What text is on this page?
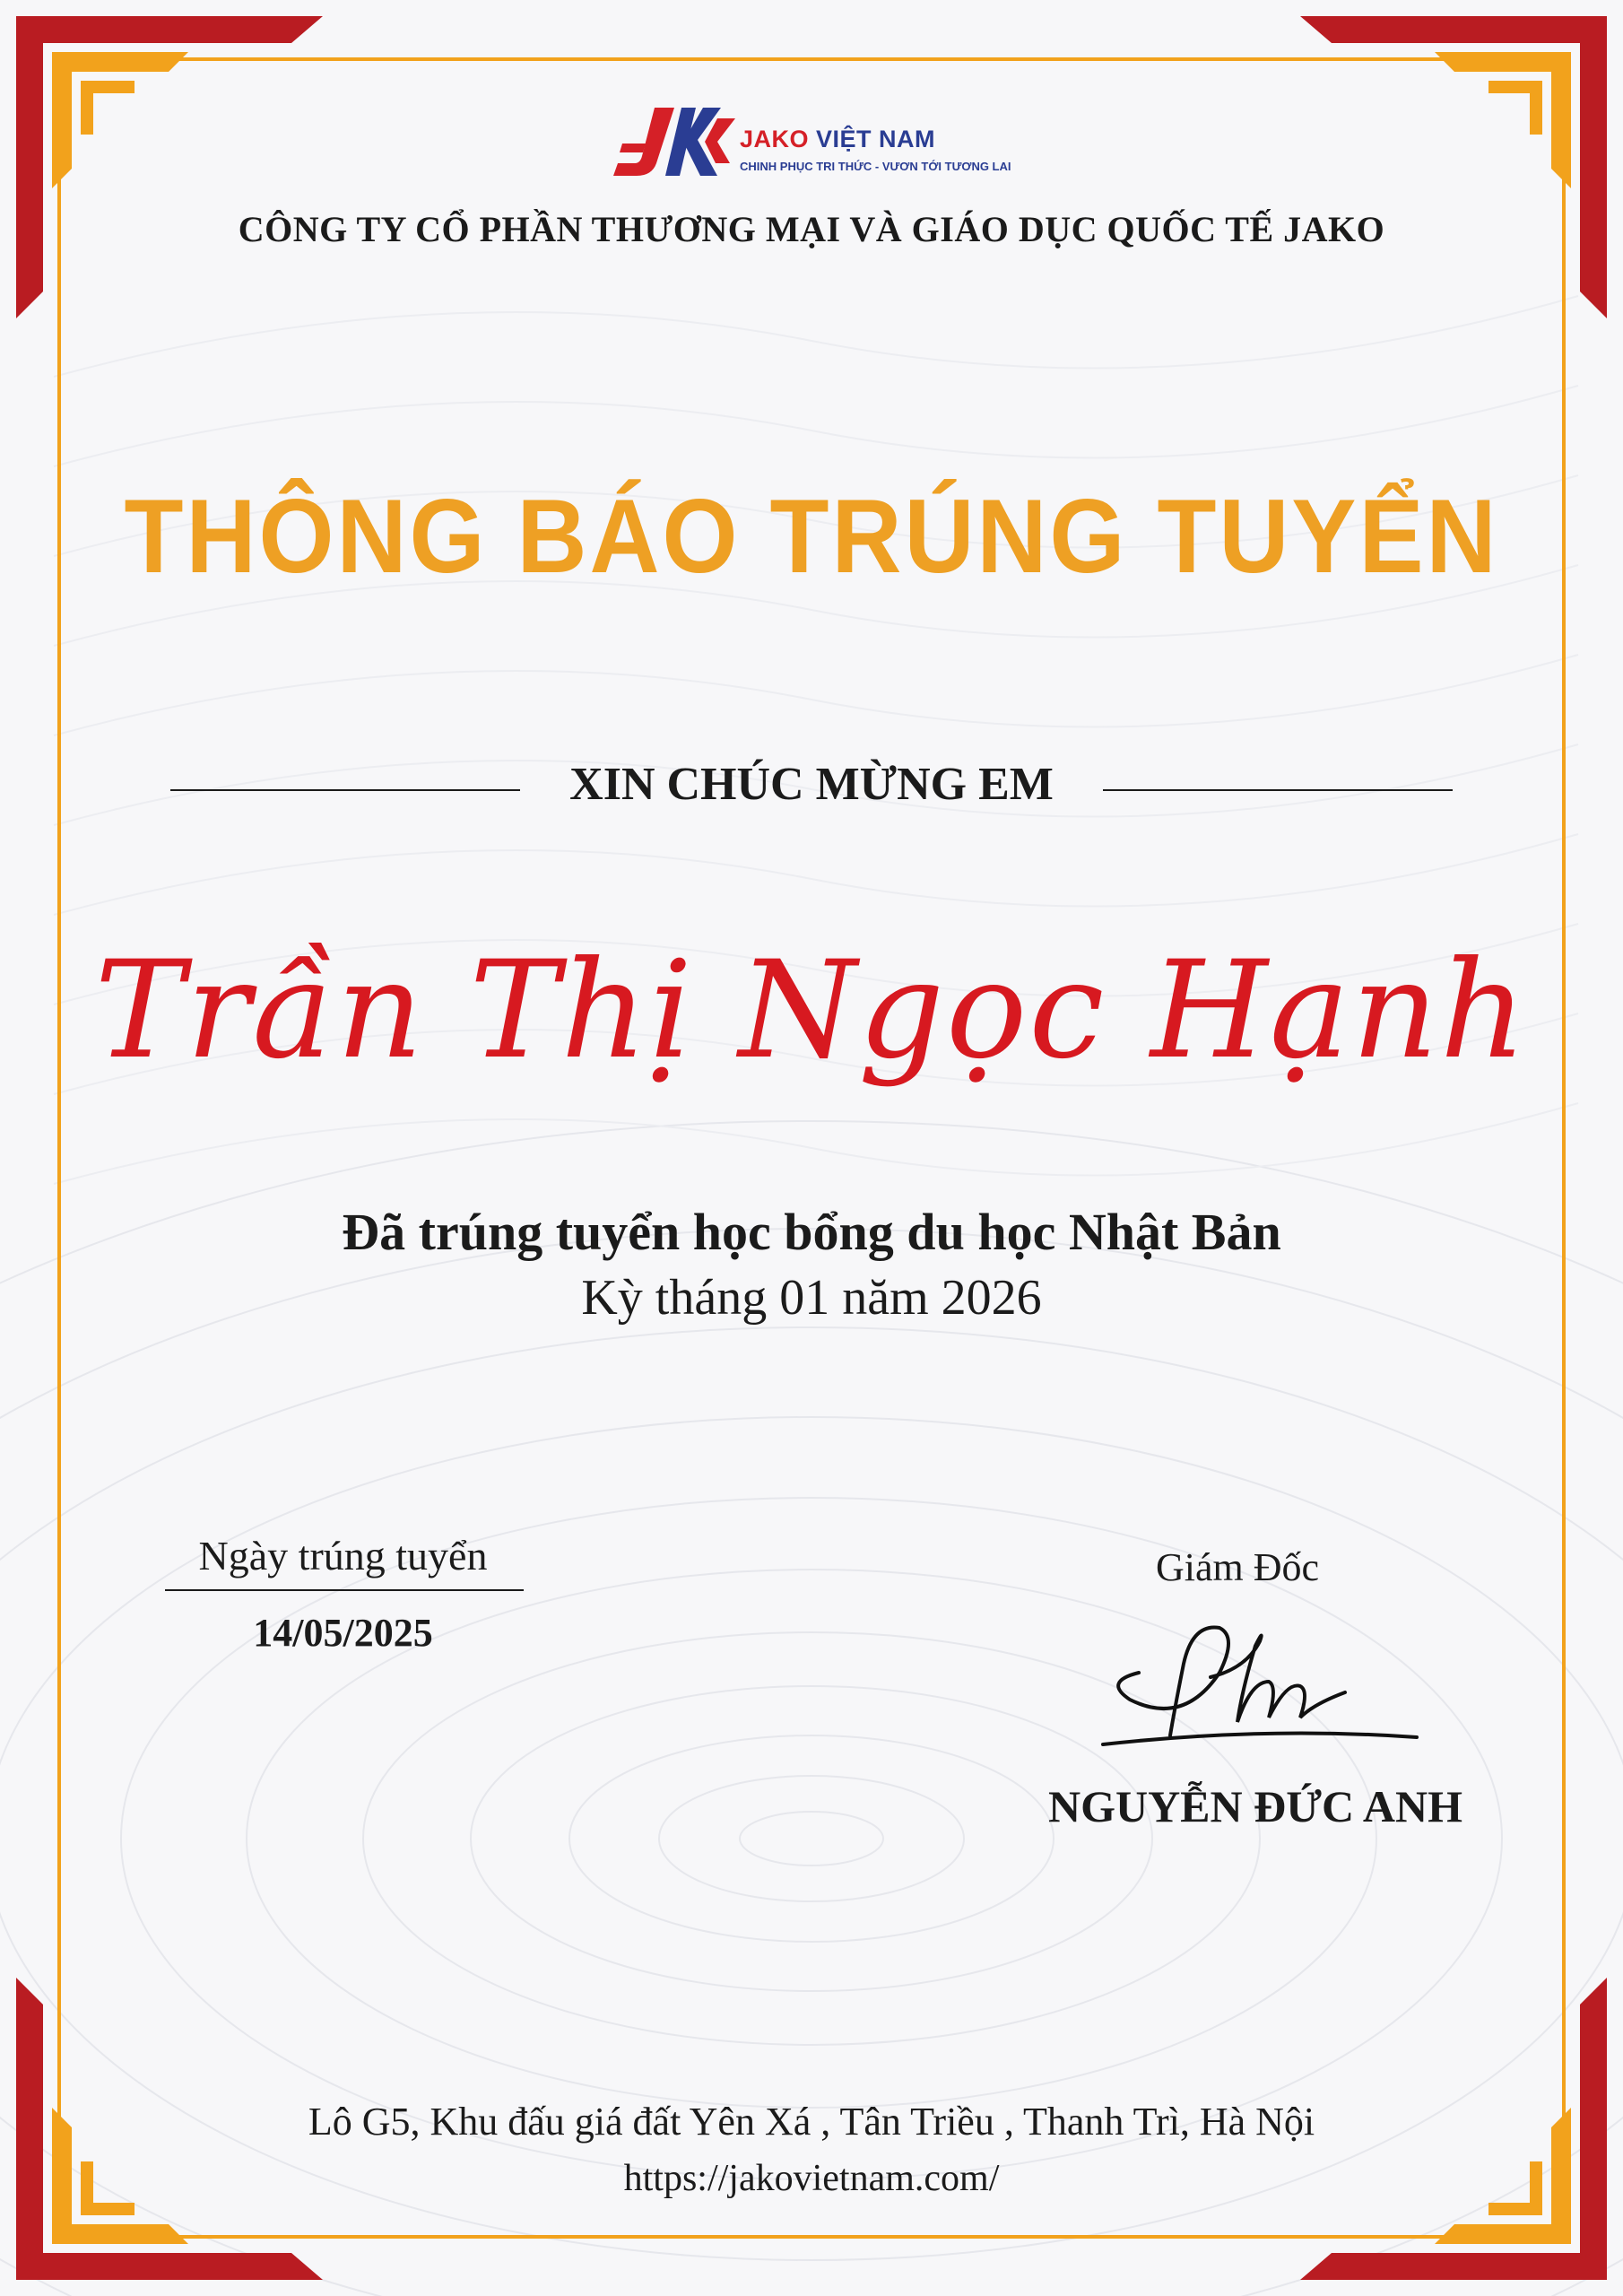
JAKO VIỆT NAM
CHINH PHỤC TRI THỨC - VƯƠN TỚI TƯƠNG LAI
CÔNG TY CỔ PHẦN THƯƠNG MẠI VÀ GIÁO DỤC QUỐC TẾ JAKO
THÔNG BÁO TRÚNG TUYỂN
XIN CHÚC MỪNG EM
Trần Thị Ngọc Hạnh
Đã trúng tuyển học bổng du học Nhật Bản
Kỳ tháng 01 năm 2026
Ngày trúng tuyển
14/05/2025
Giám Đốc
NGUYỄN ĐỨC ANH
Lô G5, Khu đấu giá đất Yên Xá , Tân Triều , Thanh Trì, Hà Nội
https://jakovietnam.com/
